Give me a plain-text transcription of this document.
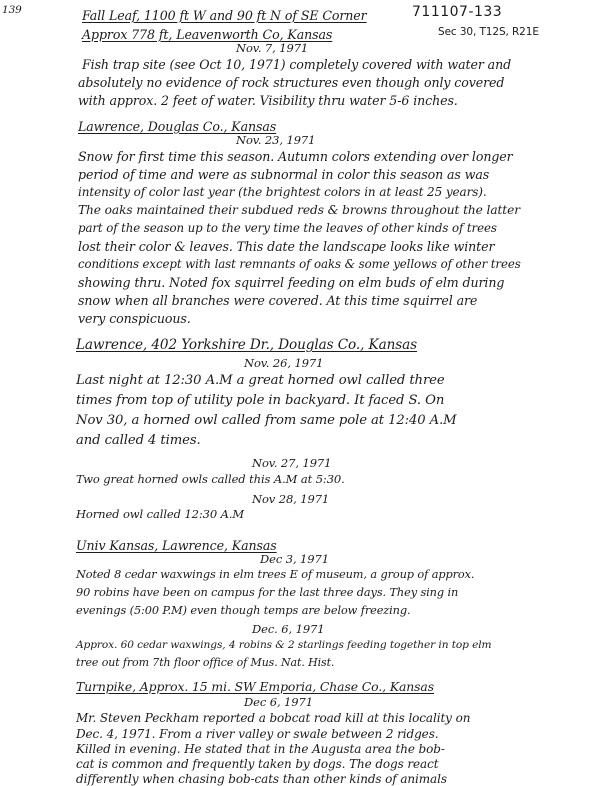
139	711107-133
Sec 30, T12S, R21E
Fall Leaf, 1100 ft W and 90 ft N of SE Corner
Approx 778 ft, Leavenworth Co, Kansas
Nov. 7, 1971
Fish trap site (see Oct 10, 1971) completely covered with water and
absolutely no evidence of rock structures even though only covered
with approx. 2 feet of water. Visibility thru water 5-6 inches.
Lawrence, Douglas Co., Kansas
Nov. 23, 1971
Snow for first time this season. Autumn colors extending over longer
period of time and were as subnormal in color this season as was
intensity of color last year (the brightest colors in at least 25 years).
The oaks maintained their subdued reds & browns throughout the latter
part of the season up to the very time the leaves of other kinds of trees
lost their color & leaves. This date the landscape looks like winter
conditions except with last remnants of oaks & some yellows of other trees
showing thru. Noted fox squirrel feeding on elm buds of elm during
snow when all branches were covered. At this time squirrel are
very conspicuous.
Lawrence, 402 Yorkshire Dr., Douglas Co., Kansas
Nov. 26, 1971
Last night at 12:30 A.M a great horned owl called three
times from top of utility pole in backyard. It faced S. On
Nov 30, a horned owl called from same pole at 12:40 A.M
and called 4 times.
Nov. 27, 1971
Two great horned owls called this A.M at 5:30.
Nov 28, 1971
Horned owl called 12:30 A.M
Univ Kansas, Lawrence, Kansas
Dec 3, 1971
Noted 8 cedar waxwings in elm trees E of museum, a group of approx.
90 robins have been on campus for the last three days. They sing in
evenings (5:00 P.M) even though temps are below freezing.
Dec. 6, 1971
Approx. 60 cedar waxwings, 4 robins & 2 starlings feeding together in top elm
tree out from 7th floor office of Mus. Nat. Hist.
Turnpike, Approx. 15 mi. SW Emporia, Chase Co., Kansas
Dec 6, 1971
Mr. Steven Peckham reported a bobcat road kill at this locality on
Dec. 4, 1971. From a river valley or swale between 2 ridges.
Killed in evening. He stated that in the Augusta area the bob-
cat is common and frequently taken by dogs. The dogs react
differently when chasing bob-cats than other kinds of animals
